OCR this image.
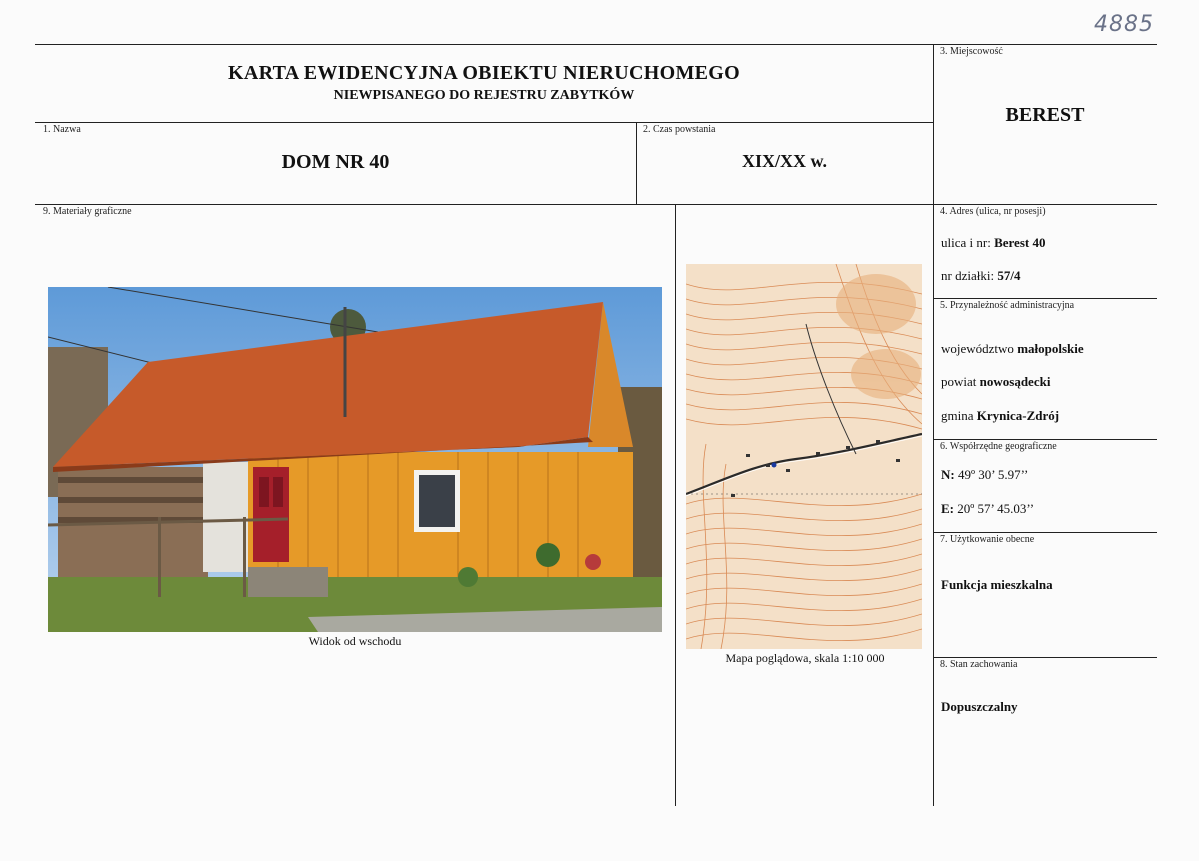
4885
KARTA EWIDENCYJNA OBIEKTU NIERUCHOMEGO
NIEWPISANEGO DO REJESTRU ZABYTKÓW
1. Nazwa
DOM NR 40
2. Czas powstania
XIX/XX w.
3. Miejscowość
BEREST
4. Adres (ulica, nr posesji)
ulica i nr: Berest 40
nr działki: 57/4
5. Przynależność administracyjna
województwo małopolskie
powiat nowosądecki
gmina Krynica-Zdrój
6. Współrzędne geograficzne
N: 49º 30’ 5.97’’
E: 20º 57’ 45.03’’
7. Użytkowanie obecne
Funkcja mieszkalna
8. Stan zachowania
Dopuszczalny
9. Materiały graficzne
Widok od wschodu
Mapa poglądowa, skala 1:10 000
